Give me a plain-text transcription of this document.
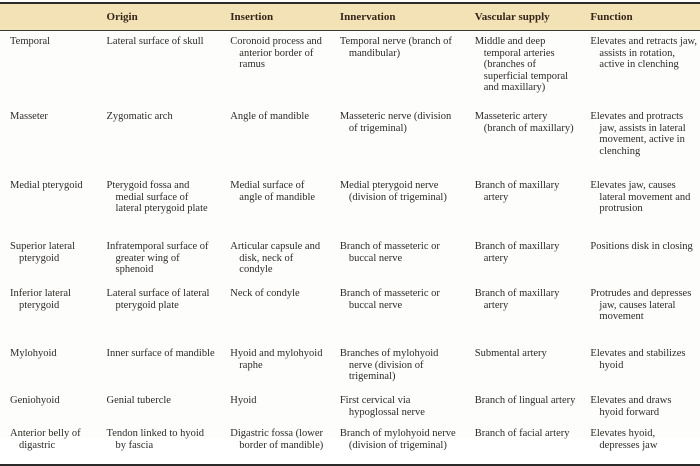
	Origin	Insertion	Innervation	Vascular supply	Function

Temporal	Lateral surface of skull	Coronoid process and anterior border of ramus	Temporal nerve (branch of mandibular)	Middle and deep temporal arteries (branches of superficial temporal and maxillary)	Elevates and retracts jaw, assists in rotation, active in clenching

Masseter	Zygomatic arch	Angle of mandible	Masseteric nerve (division of trigeminal)	Masseteric artery (branch of maxillary)	Elevates and protracts jaw, assists in lateral movement, active in clenching

Medial pterygoid	Pterygoid fossa and medial surface of lateral pterygoid plate	Medial surface of angle of mandible	Medial pterygoid nerve (division of trigeminal)	Branch of maxillary artery	Elevates jaw, causes lateral movement and protrusion

Superior lateral pterygoid	Infratemporal surface of greater wing of sphenoid	Articular capsule and disk, neck of condyle	Branch of masseteric or buccal nerve	Branch of maxillary artery	Positions disk in closing

Inferior lateral pterygoid	Lateral surface of lateral pterygoid plate	Neck of condyle	Branch of masseteric or buccal nerve	Branch of maxillary artery	Protrudes and depresses jaw, causes lateral movement

Mylohyoid	Inner surface of mandible	Hyoid and mylohyoid raphe	Branches of mylohyoid nerve (division of trigeminal)	Submental artery	Elevates and stabilizes hyoid

Geniohyoid	Genial tubercle	Hyoid	First cervical via hypoglossal nerve	Branch of lingual artery	Elevates and draws hyoid forward

Anterior belly of digastric	Tendon linked to hyoid by fascia	Digastric fossa (lower border of mandible)	Branch of mylohyoid nerve (division of trigeminal)	Branch of facial artery	Elevates hyoid, depresses jaw
